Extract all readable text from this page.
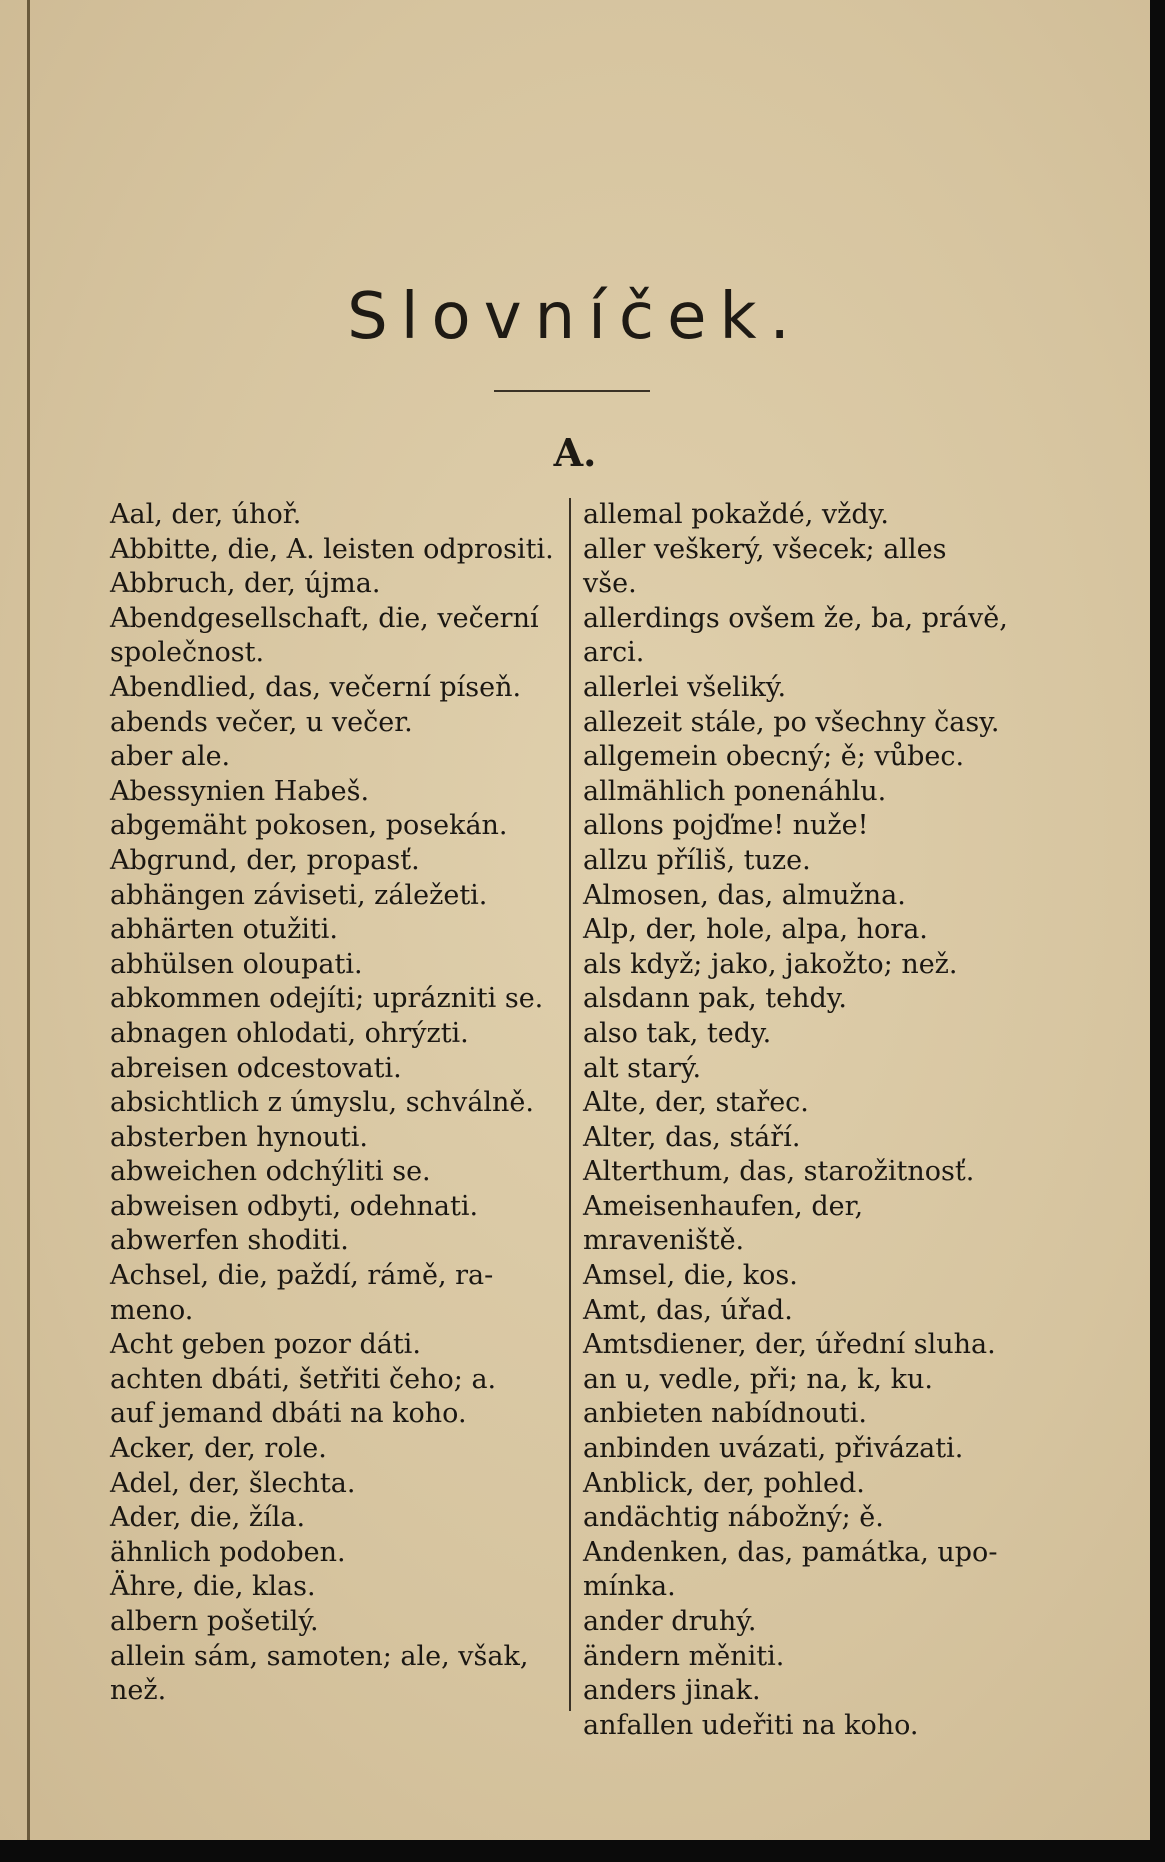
Slovníček.
A.
Aal, der, úhoř.
Abbitte, die, A. leisten odprositi.
Abbruch, der, újma.
Abendgesellschaft, die, večerní
společnost.
Abendlied, das, večerní píseň.
abends večer, u večer.
aber ale.
Abessynien Habeš.
abgemäht pokosen, posekán.
Abgrund, der, propasť.
abhängen záviseti, záležeti.
abhärten otužiti.
abhülsen oloupati.
abkommen odejíti; uprázniti se.
abnagen ohlodati, ohrýzti.
abreisen odcestovati.
absichtlich z úmyslu, schválně.
absterben hynouti.
abweichen odchýliti se.
abweisen odbyti, odehnati.
abwerfen shoditi.
Achsel, die, paždí, rámě, ra-
meno.
Acht geben pozor dáti.
achten dbáti, šetřiti čeho; a.
auf jemand dbáti na koho.
Acker, der, role.
Adel, der, šlechta.
Ader, die, žíla.
ähnlich podoben.
Ähre, die, klas.
albern pošetilý.
allein sám, samoten; ale, však,
než.
allemal pokaždé, vždy.
aller veškerý, všecek; alles
vše.
allerdings ovšem že, ba, právě,
arci.
allerlei všeliký.
allezeit stále, po všechny časy.
allgemein obecný; ě; vůbec.
allmählich ponenáhlu.
allons pojďme! nuže!
allzu příliš, tuze.
Almosen, das, almužna.
Alp, der, hole, alpa, hora.
als když; jako, jakožto; než.
alsdann pak, tehdy.
also tak, tedy.
alt starý.
Alte, der, stařec.
Alter, das, stáří.
Alterthum, das, starožitnosť.
Ameisenhaufen, der, mraveniště.
Amsel, die, kos.
Amt, das, úřad.
Amtsdiener, der, úřední sluha.
an u, vedle, při; na, k, ku.
anbieten nabídnouti.
anbinden uvázati, přivázati.
Anblick, der, pohled.
andächtig nábožný; ě.
Andenken, das, památka, upo-
mínka.
ander druhý.
ändern měniti.
anders jinak.
anfallen udeřiti na koho.
